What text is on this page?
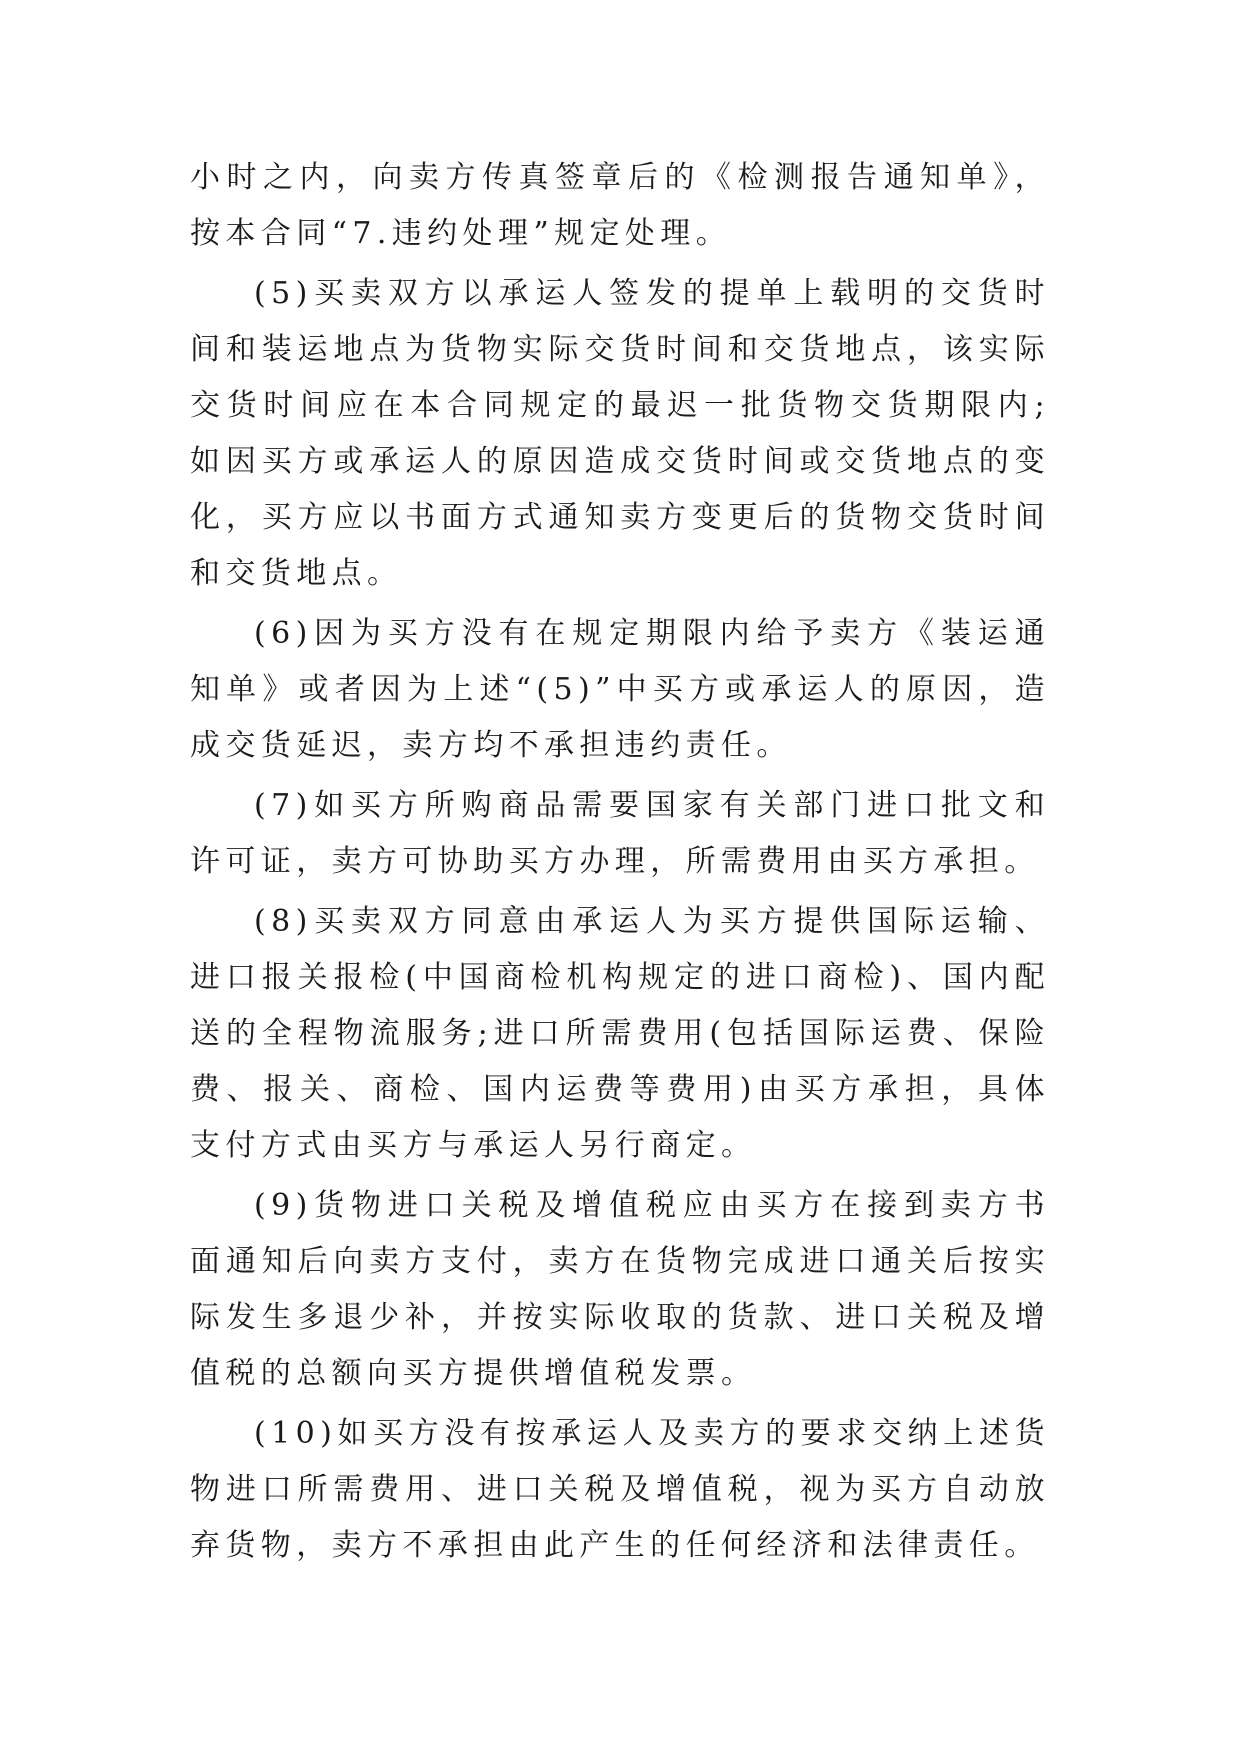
小时之内，向卖方传真签章后的《检测报告通知单》，按本合同“7.违约处理”规定处理。

(5)买卖双方以承运人签发的提单上载明的交货时间和装运地点为货物实际交货时间和交货地点，该实际交货时间应在本合同规定的最迟一批货物交货期限内;如因买方或承运人的原因造成交货时间或交货地点的变化，买方应以书面方式通知卖方变更后的货物交货时间和交货地点。

(6)因为买方没有在规定期限内给予卖方《装运通知单》或者因为上述“(5)”中买方或承运人的原因，造成交货延迟，卖方均不承担违约责任。

(7)如买方所购商品需要国家有关部门进口批文和许可证，卖方可协助买方办理，所需费用由买方承担。

(8)买卖双方同意由承运人为买方提供国际运输、进口报关报检(中国商检机构规定的进口商检)、国内配送的全程物流服务;进口所需费用(包括国际运费、保险费、报关、商检、国内运费等费用)由买方承担，具体支付方式由买方与承运人另行商定。

(9)货物进口关税及增值税应由买方在接到卖方书面通知后向卖方支付，卖方在货物完成进口通关后按实际发生多退少补，并按实际收取的货款、进口关税及增值税的总额向买方提供增值税发票。

(10)如买方没有按承运人及卖方的要求交纳上述货物进口所需费用、进口关税及增值税，视为买方自动放弃货物，卖方不承担由此产生的任何经济和法律责任。
